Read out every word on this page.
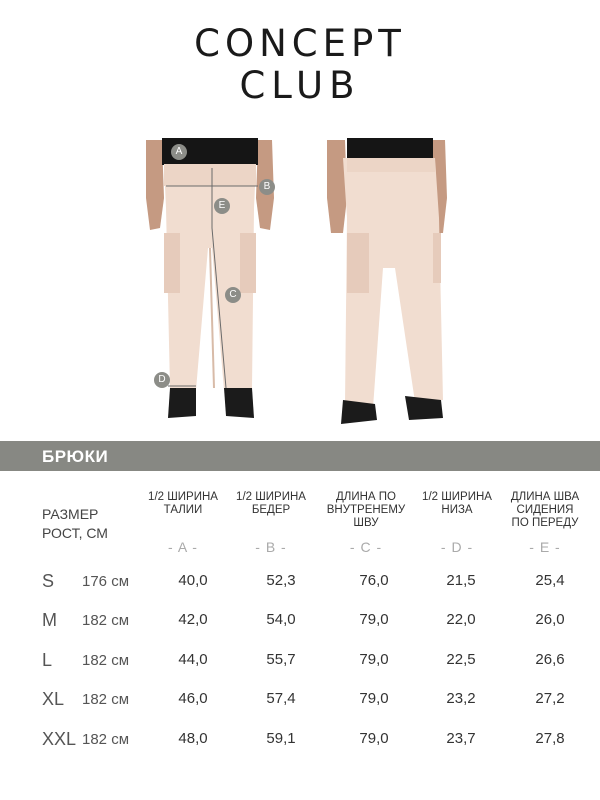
CONCEPT
CLUB
A
B
C
D
E
БРЮКИ
РАЗМЕР
РОСТ, СМ
1/2 ШИРИНА
ТАЛИИ
1/2 ШИРИНА
БЕДЕР
ДЛИНА ПО
ВНУТРЕНЕМУ
ШВУ
1/2 ШИРИНА
НИЗА
ДЛИНА ШВА
СИДЕНИЯ
ПО ПЕРЕДУ
- A -	- B -	- C -	- D -	- E -
S 176 см	40,0	52,3	76,0	21,5	25,4
M 182 см	42,0	54,0	79,0	22,0	26,0
L 182 см	44,0	55,7	79,0	22,5	26,6
XL 182 см	46,0	57,4	79,0	23,2	27,2
XXL 182 см	48,0	59,1	79,0	23,7	27,8
